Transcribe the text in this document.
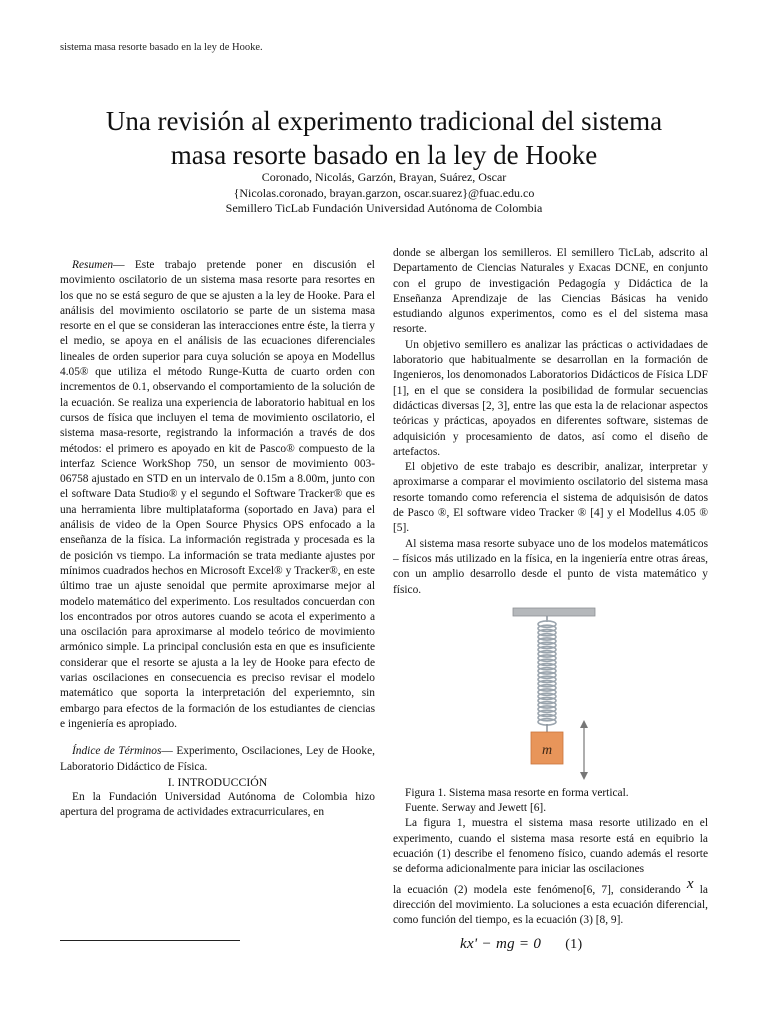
sistema masa resorte basado en la ley de Hooke.
Una revisión al experimento tradicional del sistema
masa resorte basado en la ley de Hooke
Coronado, Nicolás, Garzón, Brayan, Suárez, Oscar
{Nicolas.coronado, brayan.garzon, oscar.suarez}@fuac.edu.co
Semillero TicLab Fundación Universidad Autónoma de Colombia

Resumen— Este trabajo pretende poner en discusión el movimiento oscilatorio de un sistema masa resorte para resortes en los que no se está seguro de que se ajusten a la ley de Hooke. Para el análisis del movimiento oscilatorio se parte de un sistema masa resorte en el que se consideran las interacciones entre éste, la tierra y el medio, se apoya en el análisis de las ecuaciones diferenciales lineales de orden superior para cuya solución se apoya en Modellus 4.05® que utiliza el método Runge-Kutta de cuarto orden con incrementos de 0.1, observando el comportamiento de la solución de la ecuación. Se realiza una experiencia de laboratorio habitual en los cursos de física que incluyen el tema de movimiento oscilatorio, el sistema masa-resorte, registrando la información a través de dos métodos: el primero es apoyado en kit de Pasco® compuesto de la interfaz Science WorkShop 750, un sensor de movimiento 003-06758 ajustado en STD en un intervalo de 0.15m a 8.00m, junto con el software Data Studio® y el segundo el Software Tracker® que es una herramienta libre multiplataforma (soportado en Java) para el análisis de video de la Open Source Physics OPS enfocado a la enseñanza de la física. La información registrada y procesada es la de posición vs tiempo. La información se trata mediante ajustes por mínimos cuadrados hechos en Microsoft Excel® y Tracker®, en este último trae un ajuste senoidal que permite aproximarse mejor al modelo matemático del experimento. Los resultados concuerdan con los encontrados por otros autores cuando se acota el experimento a una oscilación para aproximarse al modelo teórico de movimiento armónico simple. La principal conclusión esta en que es insuficiente considerar que el resorte se ajusta a la ley de Hooke para efecto de varias oscilaciones en consecuencia es preciso revisar el modelo matemático que soporta la interpretación del experiemnto, sin embargo para efectos de la formación de los estudiantes de ciencias e ingeniería es apropiado.

Índice de Términos— Experimento, Oscilaciones, Ley de Hooke, Laboratorio Didáctico de Física.

I. INTRODUCCIÓN

En la Fundación Universidad Autónoma de Colombia hizo apertura del programa de actividades extracurriculares, en

donde se albergan los semilleros. El semillero TicLab, adscrito al Departamento de Ciencias Naturales y Exacas DCNE, en conjunto con el grupo de investigación Pedagogía y Didáctica de la Enseñanza Aprendizaje de las Ciencias Básicas ha venido estudiando algunos experimentos, como es el del sistema masa resorte.

Un objetivo semillero es analizar las prácticas o actividadaes de laboratorio que habitualmente se desarrollan en la formación de Ingenieros, los denomonados Laboratorios Didácticos de Física LDF [1], en el que se considera la posibilidad de formular secuencias didácticas diversas [2, 3], entre las que esta la de relacionar aspectos teóricas y prácticas, apoyados en diferentes software, sistemas de adquisición y procesamiento de datos, así como el diseño de artefactos.

El objetivo de este trabajo es describir, analizar, interpretar y aproximarse a comparar el movimiento oscilatorio del sistema masa resorte tomando como referencia el sistema de adquisisón de datos de Pasco ®, El software video Tracker ® [4] y el Modellus 4.05 ® [5].

Al sistema masa resorte subyace uno de los modelos matemáticos – físicos más utilizado en la física, en la ingeniería entre otras áreas, con un amplio desarrollo desde el punto de vista matemático y físico.

m

Figura 1. Sistema masa resorte en forma vertical.

Fuente. Serway and Jewett [6].

La figura 1, muestra el sistema masa resorte utilizado en el experimento, cuando el sistema masa resorte está en equibrio la ecuación (1) describe el fenomeno físico, cuando además el resorte se deforma adicionalmente para iniciar las oscilaciones

la ecuación (2) modela este fenómeno[6, 7], considerando x la dirección del movimiento. La soluciones a esta ecuación diferencial, como función del tiempo, es la ecuación (3) [8, 9].

kx' − mg = 0 (1)
